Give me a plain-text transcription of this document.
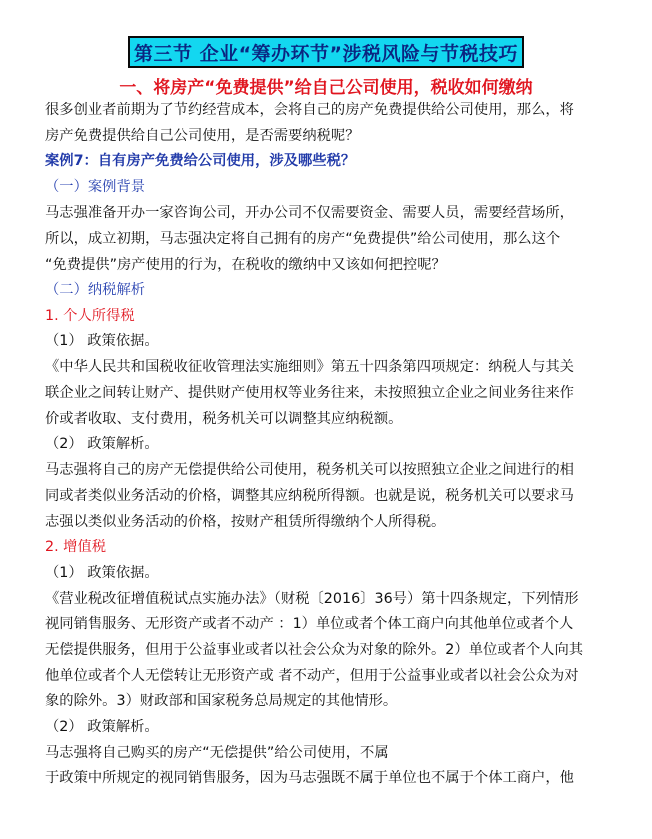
第三节 企业“筹办环节”涉税风险与节税技巧
一、将房产“免费提供”给自己公司使用，税收如何缴纳
很多创业者前期为了节约经营成本，会将自己的房产免费提供给公司使用，那么，将
房产免费提供给自己公司使用，是否需要纳税呢？
案例7：自有房产免费给公司使用，涉及哪些税？
（一）案例背景
马志强准备开办一家咨询公司，开办公司不仅需要资金、需要人员，需要经营场所，
所以，成立初期，马志强决定将自己拥有的房产“免费提供”给公司使用，那么这个
“免费提供”房产使用的行为，在税收的缴纳中又该如何把控呢？
（二）纳税解析
1. 个人所得税
（1） 政策依据。
《中华人民共和国税收征收管理法实施细则》第五十四条第四项规定：纳税人与其关
联企业之间转让财产、提供财产使用权等业务往来，未按照独立企业之间业务往来作
价或者收取、支付费用，税务机关可以调整其应纳税额。
（2） 政策解析。
马志强将自己的房产无偿提供给公司使用，税务机关可以按照独立企业之间进行的相
同或者类似业务活动的价格，调整其应纳税所得额。也就是说，税务机关可以要求马
志强以类似业务活动的价格，按财产租赁所得缴纳个人所得税。
2. 增值税
（1） 政策依据。
《营业税改征增值税试点实施办法》（财税〔2016〕36号）第十四条规定，下列情形
视同销售服务、无形资产或者不动产 ：1）单位或者个体工商户向其他单位或者个人
无偿提供服务，但用于公益事业或者以社会公众为对象的除外。2）单位或者个人向其
他单位或者个人无偿转让无形资产或 者不动产，但用于公益事业或者以社会公众为对
象的除外。3）财政部和国家税务总局规定的其他情形。
（2） 政策解析。
马志强将自己购买的房产“无偿提供”给公司使用，不属
于政策中所规定的视同销售服务，因为马志强既不属于单位也不属于个体工商户，他
